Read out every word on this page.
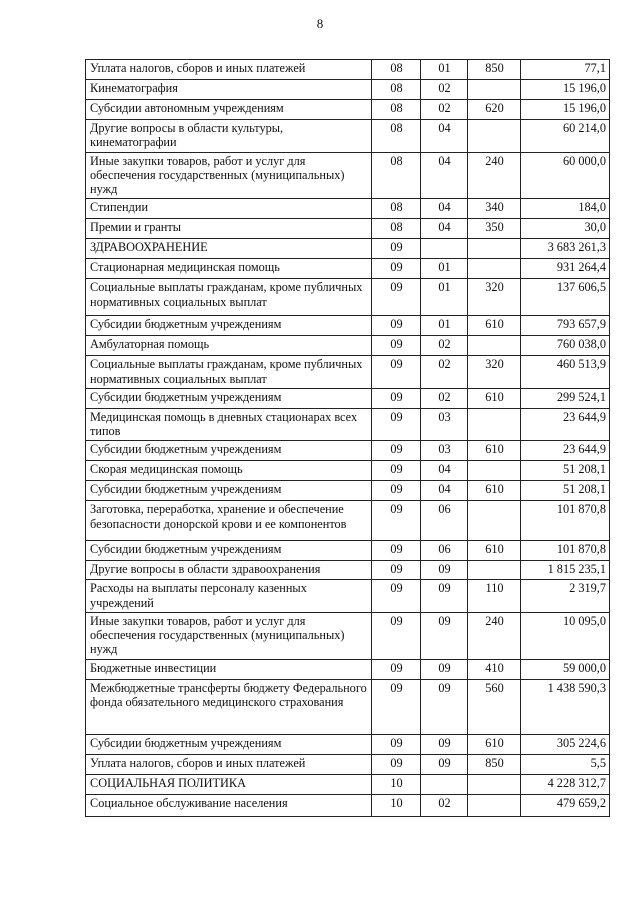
8
Уплата налогов, сборов и иных платежей	08	01	850	77,1
Кинематография	08	02		15 196,0
Субсидии автономным учреждениям	08	02	620	15 196,0
Другие вопросы в области культуры, кинематографии	08	04		60 214,0
Иные закупки товаров, работ и услуг для обеспечения государственных (муниципальных) нужд	08	04	240	60 000,0
Стипендии	08	04	340	184,0
Премии и гранты	08	04	350	30,0
ЗДРАВООХРАНЕНИЕ	09			3 683 261,3
Стационарная медицинская помощь	09	01		931 264,4
Социальные выплаты гражданам, кроме публичных нормативных социальных выплат	09	01	320	137 606,5
Субсидии бюджетным учреждениям	09	01	610	793 657,9
Амбулаторная помощь	09	02		760 038,0
Социальные выплаты гражданам, кроме публичных нормативных социальных выплат	09	02	320	460 513,9
Субсидии бюджетным учреждениям	09	02	610	299 524,1
Медицинская помощь в дневных стационарах всех типов	09	03		23 644,9
Субсидии бюджетным учреждениям	09	03	610	23 644,9
Скорая медицинская помощь	09	04		51 208,1
Субсидии бюджетным учреждениям	09	04	610	51 208,1
Заготовка, переработка, хранение и обеспечение безопасности донорской крови и ее компонентов	09	06		101 870,8
Субсидии бюджетным учреждениям	09	06	610	101 870,8
Другие вопросы в области здравоохранения	09	09		1 815 235,1
Расходы на выплаты персоналу казенных учреждений	09	09	110	2 319,7
Иные закупки товаров, работ и услуг для обеспечения государственных (муниципальных) нужд	09	09	240	10 095,0
Бюджетные инвестиции	09	09	410	59 000,0
Межбюджетные трансферты бюджету Федерального фонда обязательного медицинского страхования	09	09	560	1 438 590,3
Субсидии бюджетным учреждениям	09	09	610	305 224,6
Уплата налогов, сборов и иных платежей	09	09	850	5,5
СОЦИАЛЬНАЯ ПОЛИТИКА	10			4 228 312,7
Социальное обслуживание населения	10	02		479 659,2
